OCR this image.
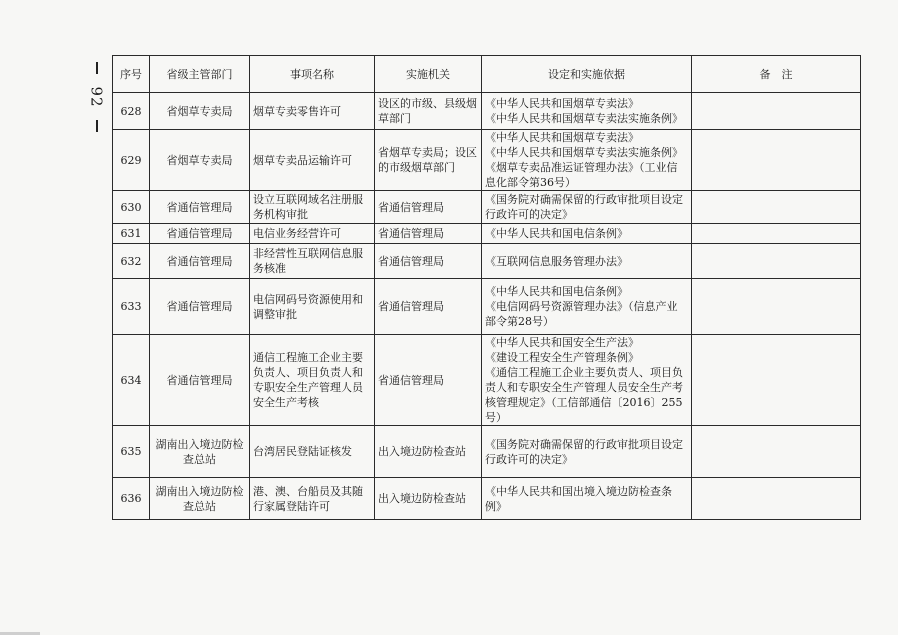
92
序号	省级主管部门	事项名称	实施机关	设定和实施依据	备　注
628	省烟草专卖局	烟草专卖零售许可	设区的市级、县级烟草部门	《中华人民共和国烟草专卖法》
《中华人民共和国烟草专卖法实施条例》	

629	省烟草专卖局	烟草专卖品运输许可	省烟草专卖局；设区的市级烟草部门	《中华人民共和国烟草专卖法》
《中华人民共和国烟草专卖法实施条例》
《烟草专卖品准运证管理办法》（工业信息化部令第36号）	

630	省通信管理局	设立互联网域名注册服务机构审批	省通信管理局	《国务院对确需保留的行政审批项目设定行政许可的决定》	

631	省通信管理局	电信业务经营许可	省通信管理局	《中华人民共和国电信条例》	

632	省通信管理局	非经营性互联网信息服务核准	省通信管理局	《互联网信息服务管理办法》	

633	省通信管理局	电信网码号资源使用和调整审批	省通信管理局	《中华人民共和国电信条例》
《电信网码号资源管理办法》（信息产业部令第28号）	

634	省通信管理局	通信工程施工企业主要负责人、项目负责人和专职安全生产管理人员安全生产考核	省通信管理局	《中华人民共和国安全生产法》
《建设工程安全生产管理条例》
《通信工程施工企业主要负责人、项目负责人和专职安全生产管理人员安全生产考核管理规定》（工信部通信〔2016〕255号）	

635	湖南出入境边防检查总站	台湾居民登陆证核发	出入境边防检查站	《国务院对确需保留的行政审批项目设定行政许可的决定》	

636	湖南出入境边防检查总站	港、澳、台船员及其随行家属登陆许可	出入境边防检查站	《中华人民共和国出境入境边防检查条例》	
